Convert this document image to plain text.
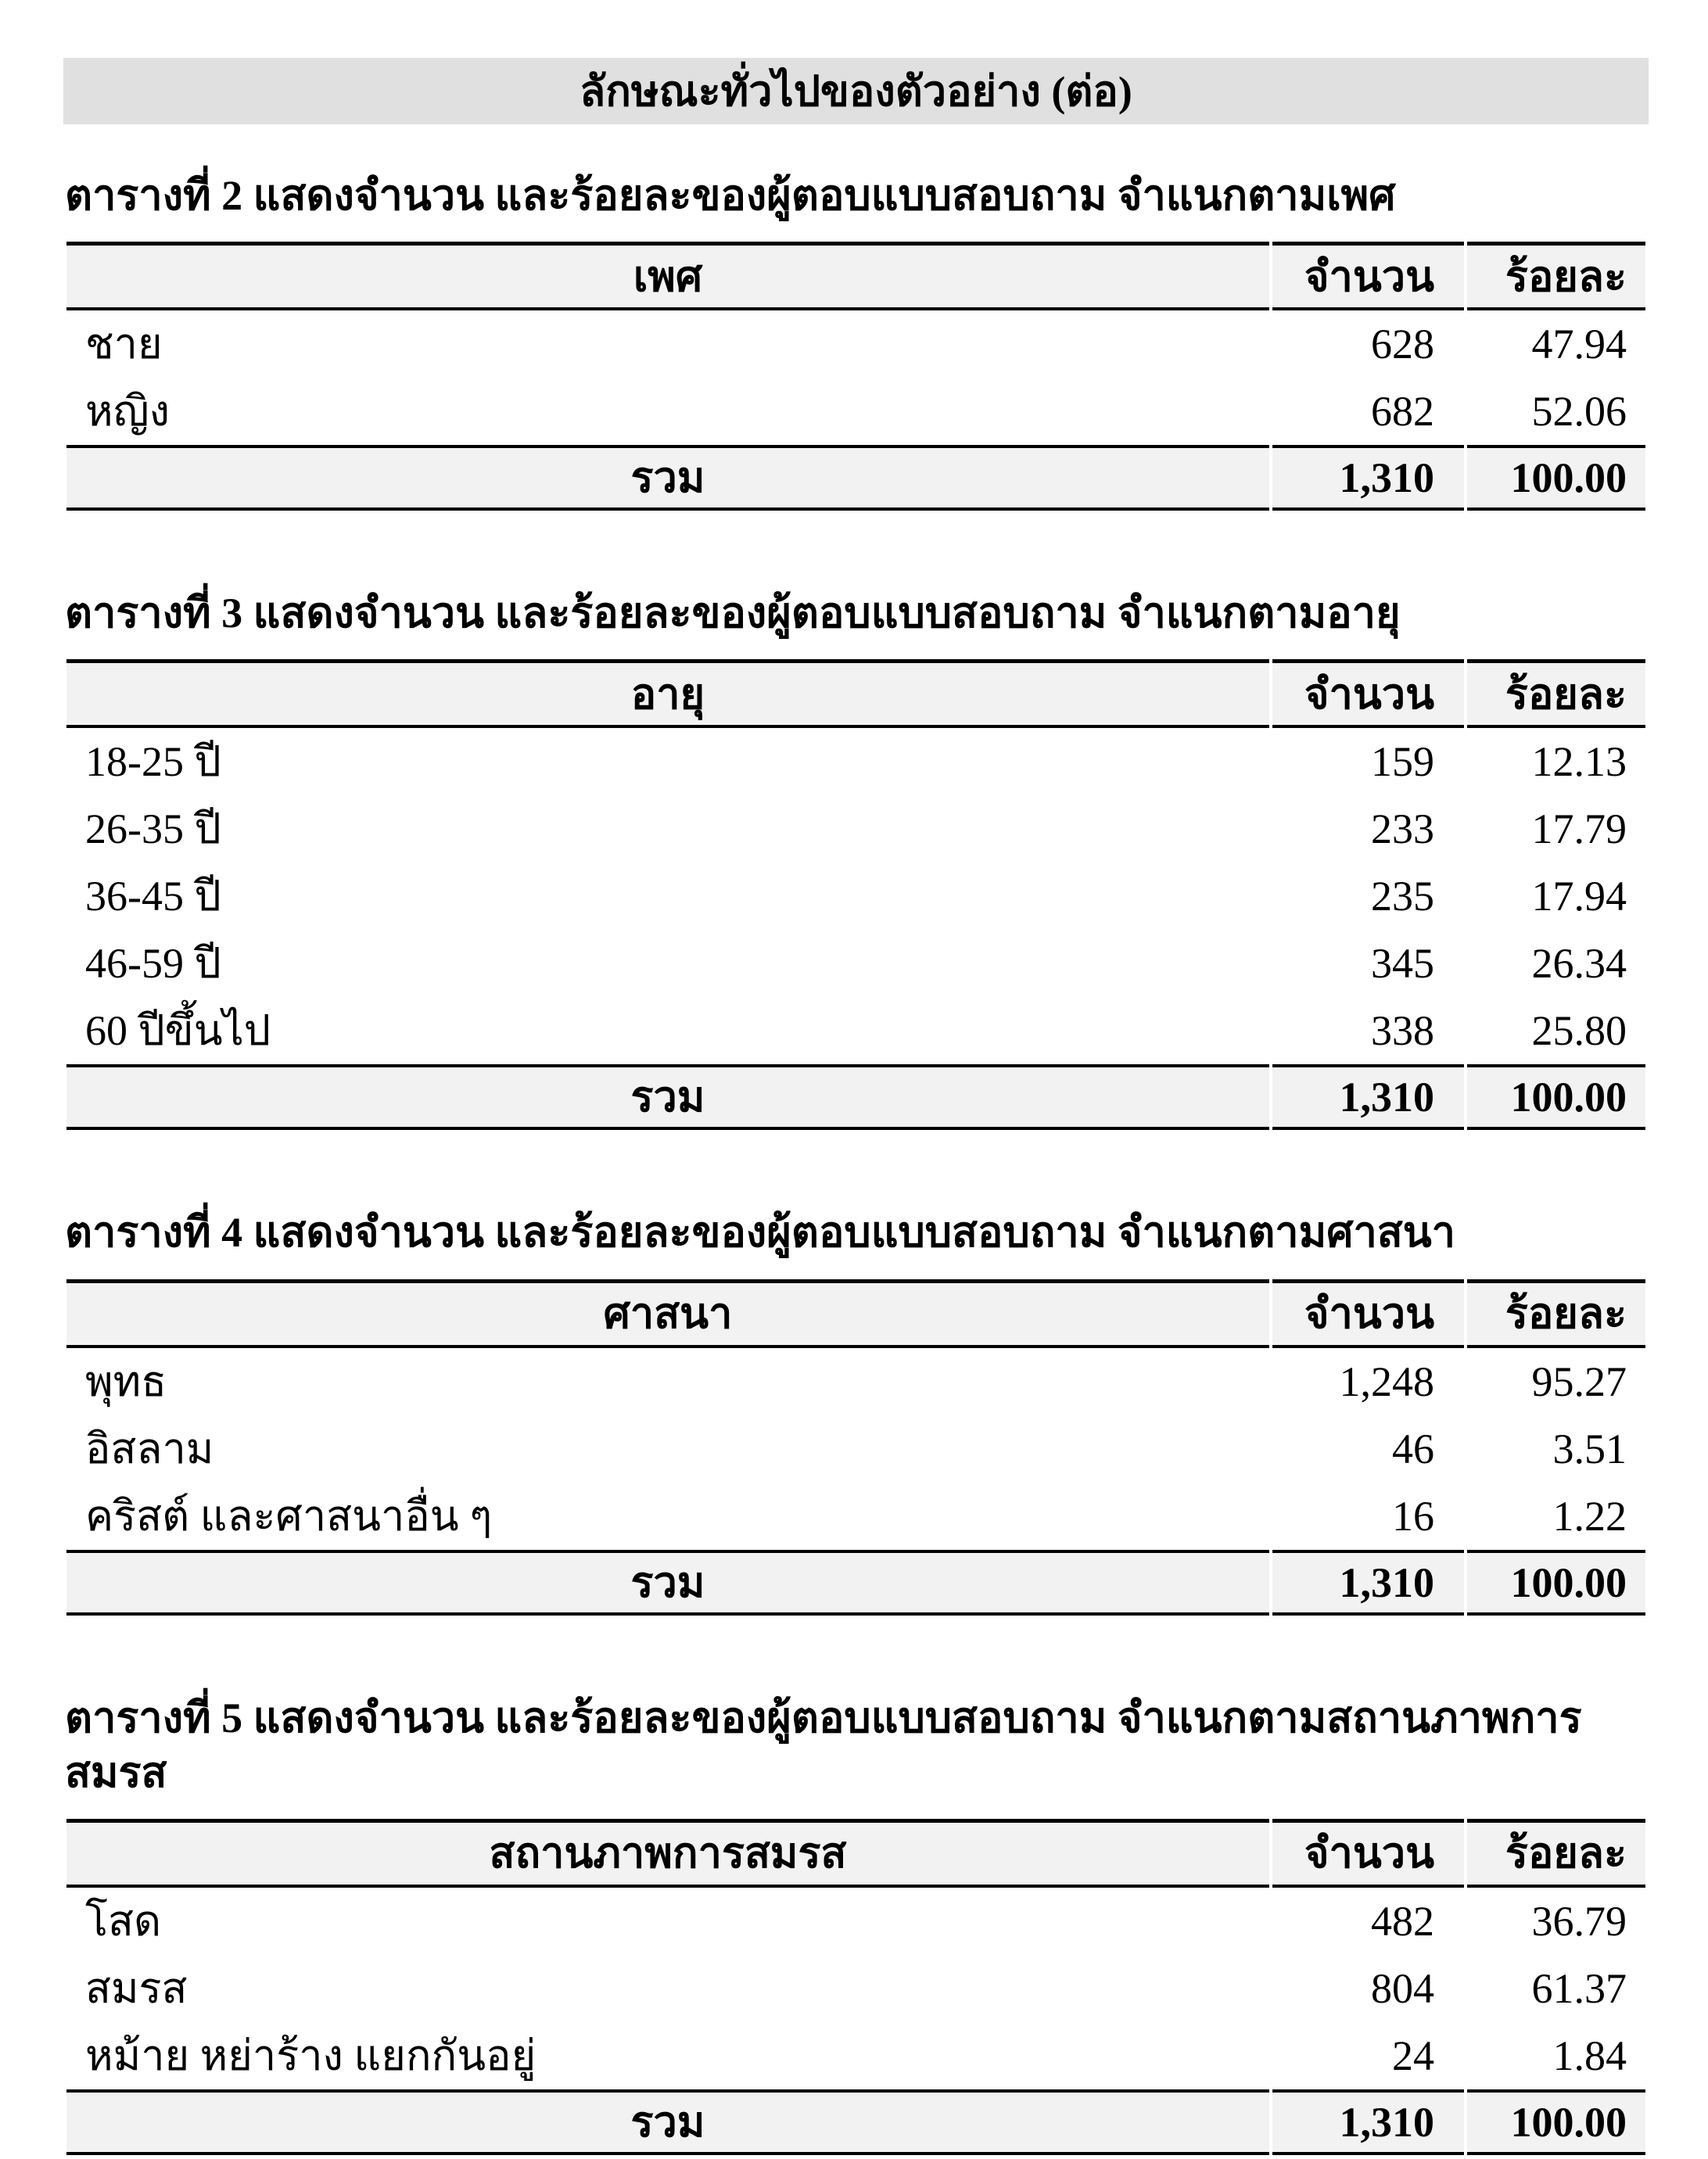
ลักษณะทั่วไปของตัวอย่าง (ต่อ)
ตารางที่ 2 แสดงจำนวน และร้อยละของผู้ตอบแบบสอบถาม จำแนกตามเพศ
เพศ	จำนวน	ร้อยละ
ชาย	628	47.94
หญิง	682	52.06
รวม	1,310	100.00
ตารางที่ 3 แสดงจำนวน และร้อยละของผู้ตอบแบบสอบถาม จำแนกตามอายุ
อายุ	จำนวน	ร้อยละ
18-25 ปี	159	12.13
26-35 ปี	233	17.79
36-45 ปี	235	17.94
46-59 ปี	345	26.34
60 ปีขึ้นไป	338	25.80
รวม	1,310	100.00
ตารางที่ 4 แสดงจำนวน และร้อยละของผู้ตอบแบบสอบถาม จำแนกตามศาสนา
ศาสนา	จำนวน	ร้อยละ
พุทธ	1,248	95.27
อิสลาม	46	3.51
คริสต์ และศาสนาอื่น ๆ	16	1.22
รวม	1,310	100.00
ตารางที่ 5 แสดงจำนวน และร้อยละของผู้ตอบแบบสอบถาม จำแนกตามสถานภาพการสมรส
สถานภาพการสมรส	จำนวน	ร้อยละ
โสด	482	36.79
สมรส	804	61.37
หม้าย หย่าร้าง แยกกันอยู่	24	1.84
รวม	1,310	100.00
